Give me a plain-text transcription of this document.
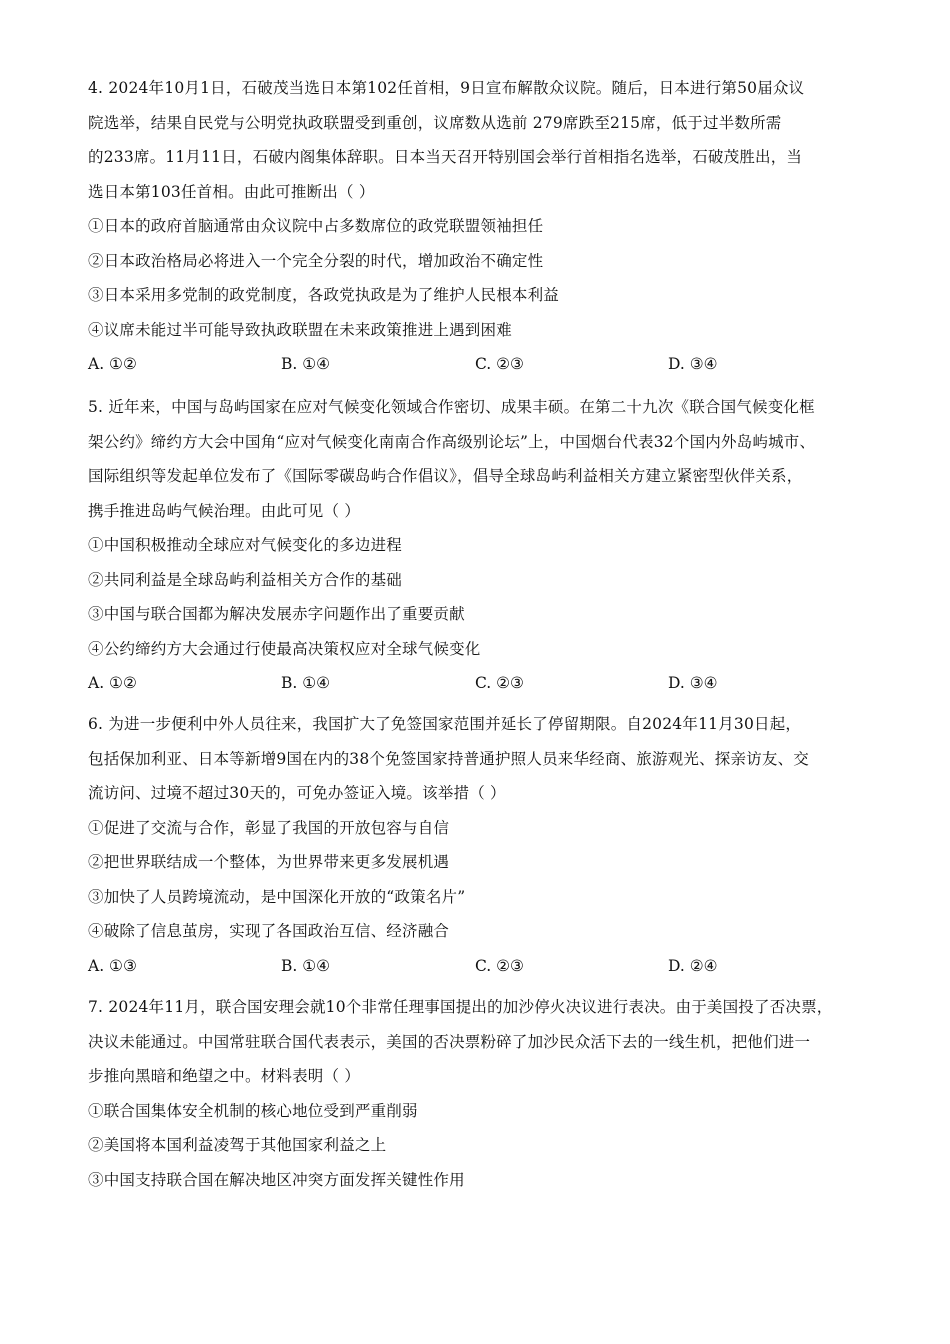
4. 2024年10月1日，石破茂当选日本第102任首相，9日宣布解散众议院。随后，日本进行第50届众议
院选举，结果自民党与公明党执政联盟受到重创，议席数从选前 279席跌至215席，低于过半数所需
的233席。11月11日，石破内阁集体辞职。日本当天召开特别国会举行首相指名选举，石破茂胜出，当
选日本第103任首相。由此可推断出（ ）
①日本的政府首脑通常由众议院中占多数席位的政党联盟领袖担任
②日本政治格局必将进入一个完全分裂的时代，增加政治不确定性
③日本采用多党制的政党制度，各政党执政是为了维护人民根本利益
④议席未能过半可能导致执政联盟在未来政策推进上遇到困难
A. ①②	B. ①④	C. ②③	D. ③④
5. 近年来，中国与岛屿国家在应对气候变化领域合作密切、成果丰硕。在第二十九次《联合国气候变化框
架公约》缔约方大会中国角“应对气候变化南南合作高级别论坛”上，中国烟台代表32个国内外岛屿城市、
国际组织等发起单位发布了《国际零碳岛屿合作倡议》，倡导全球岛屿利益相关方建立紧密型伙伴关系，
携手推进岛屿气候治理。由此可见（ ）
①中国积极推动全球应对气候变化的多边进程
②共同利益是全球岛屿利益相关方合作的基础
③中国与联合国都为解决发展赤字问题作出了重要贡献
④公约缔约方大会通过行使最高决策权应对全球气候变化
A. ①②	B. ①④	C. ②③	D. ③④
6. 为进一步便利中外人员往来，我国扩大了免签国家范围并延长了停留期限。自2024年11月30日起，
包括保加利亚、日本等新增9国在内的38个免签国家持普通护照人员来华经商、旅游观光、探亲访友、交
流访问、过境不超过30天的，可免办签证入境。该举措（ ）
①促进了交流与合作，彰显了我国的开放包容与自信
②把世界联结成一个整体，为世界带来更多发展机遇
③加快了人员跨境流动，是中国深化开放的“政策名片”
④破除了信息茧房，实现了各国政治互信、经济融合
A. ①③	B. ①④	C. ②③	D. ②④
7. 2024年11月，联合国安理会就10个非常任理事国提出的加沙停火决议进行表决。由于美国投了否决票，
决议未能通过。中国常驻联合国代表表示，美国的否决票粉碎了加沙民众活下去的一线生机，把他们进一
步推向黑暗和绝望之中。材料表明（ ）
①联合国集体安全机制的核心地位受到严重削弱
②美国将本国利益凌驾于其他国家利益之上
③中国支持联合国在解决地区冲突方面发挥关键性作用
